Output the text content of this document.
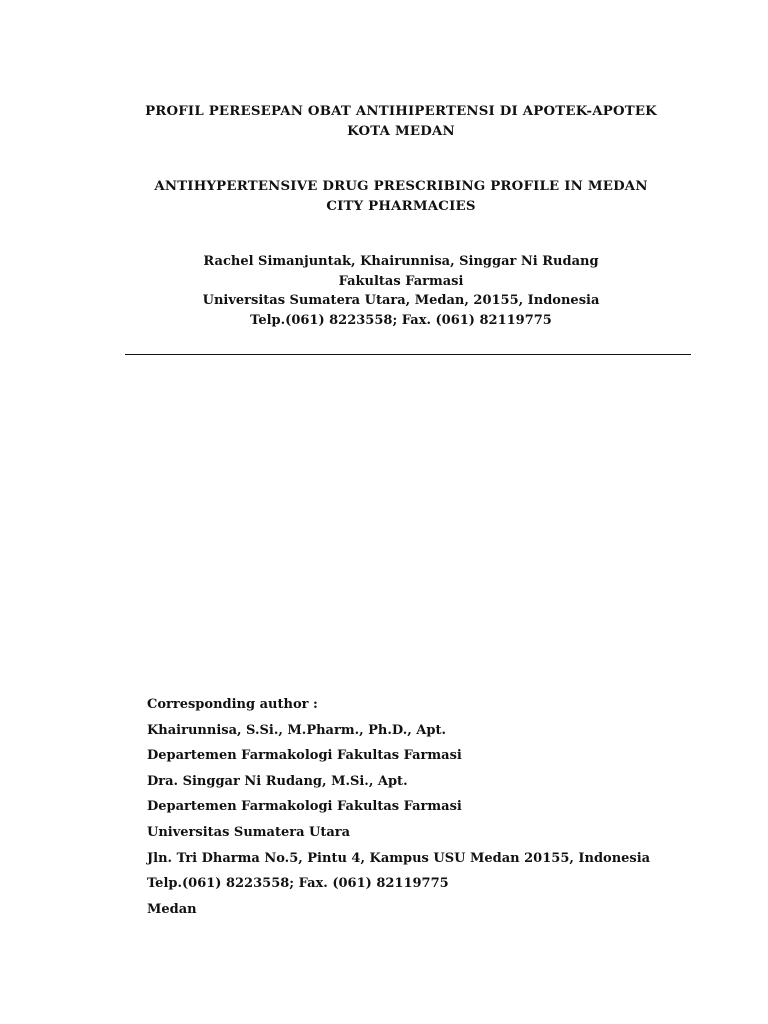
PROFIL PERESEPAN OBAT ANTIHIPERTENSI DI APOTEK-APOTEK
KOTA MEDAN
ANTIHYPERTENSIVE DRUG PRESCRIBING PROFILE IN MEDAN
CITY PHARMACIES
Rachel Simanjuntak, Khairunnisa, Singgar Ni Rudang
Fakultas Farmasi
Universitas Sumatera Utara, Medan, 20155, Indonesia
Telp.(061) 8223558; Fax. (061) 82119775
Corresponding author :
Khairunnisa, S.Si., M.Pharm., Ph.D., Apt.
Departemen Farmakologi Fakultas Farmasi
Dra. Singgar Ni Rudang, M.Si., Apt.
Departemen Farmakologi Fakultas Farmasi
Universitas Sumatera Utara
Jln. Tri Dharma No.5, Pintu 4, Kampus USU Medan 20155, Indonesia
Telp.(061) 8223558; Fax. (061) 82119775
Medan
